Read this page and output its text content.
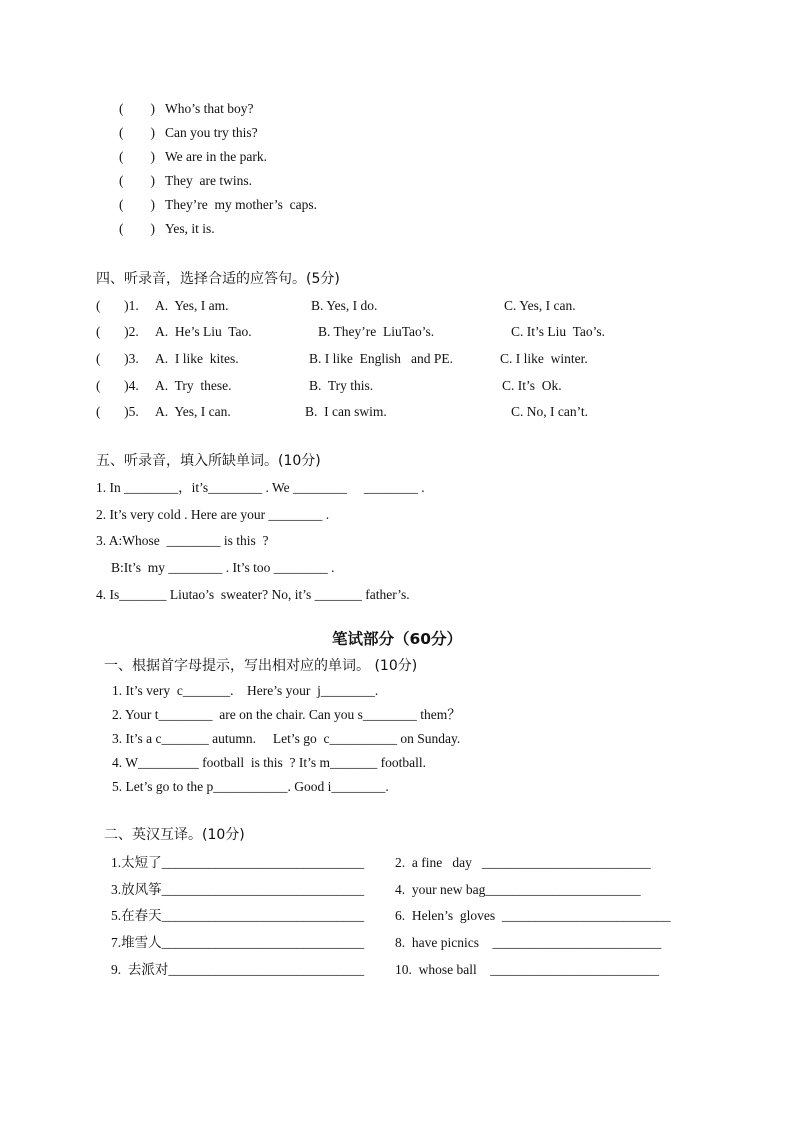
(        ) Who’s that boy?
(        ) Can you try this?
(        ) We are in the park.
(        ) They  are twins.
(        ) They’re  my mother’s  caps.
(        ) Yes, it is.
四、听录音，选择合适的应答句。(5分)
(       )1. A.  Yes, I am.	B. Yes, I do.	C. Yes, I can.
(       )2. A.  He’s Liu  Tao.	B. They’re  LiuTao’s.	C. It’s Liu  Tao’s.
(       )3. A.  I like  kites.	B. I like  English   and PE.	C. I like  winter.
(       )4. A.  Try  these.	B.  Try this.	C. It’s  Ok.
(       )5. A.  Yes, I can.	B.  I can swim.	C. No, I can’t.
五、听录音，填入所缺单词。(10分)
1. In ________，it’s________ . We ________     ________ .
2. It’s very cold . Here are your ________ .
3. A:Whose  ________ is this  ?
B:It’s  my ________ . It’s too ________ .
4. Is_______ Liutao’s  sweater? No, it’s _______ father’s.
笔试部分（60分）
一、根据首字母提示，写出相对应的单词。 (10分)
1. It’s very  c_______.    Here’s your  j________.
2. Your t________  are on the chair. Can you s________ them？
3. It’s a c_______ autumn.     Let’s go  c__________ on Sunday.
4. W_________ football  is this  ? It’s m_______ football.
5. Let’s go to the p___________. Good i________.
二、英汉互译。(10分)
1.太短了______________________________ 2.  a fine   day   _________________________
3.放风筝______________________________ 4.  your new bag_______________________
5.在春天______________________________ 6.  Helen’s  gloves  _________________________
7.堆雪人______________________________ 8.  have picnics    _________________________
9.  去派对_____________________________ 10.  whose ball    _________________________
